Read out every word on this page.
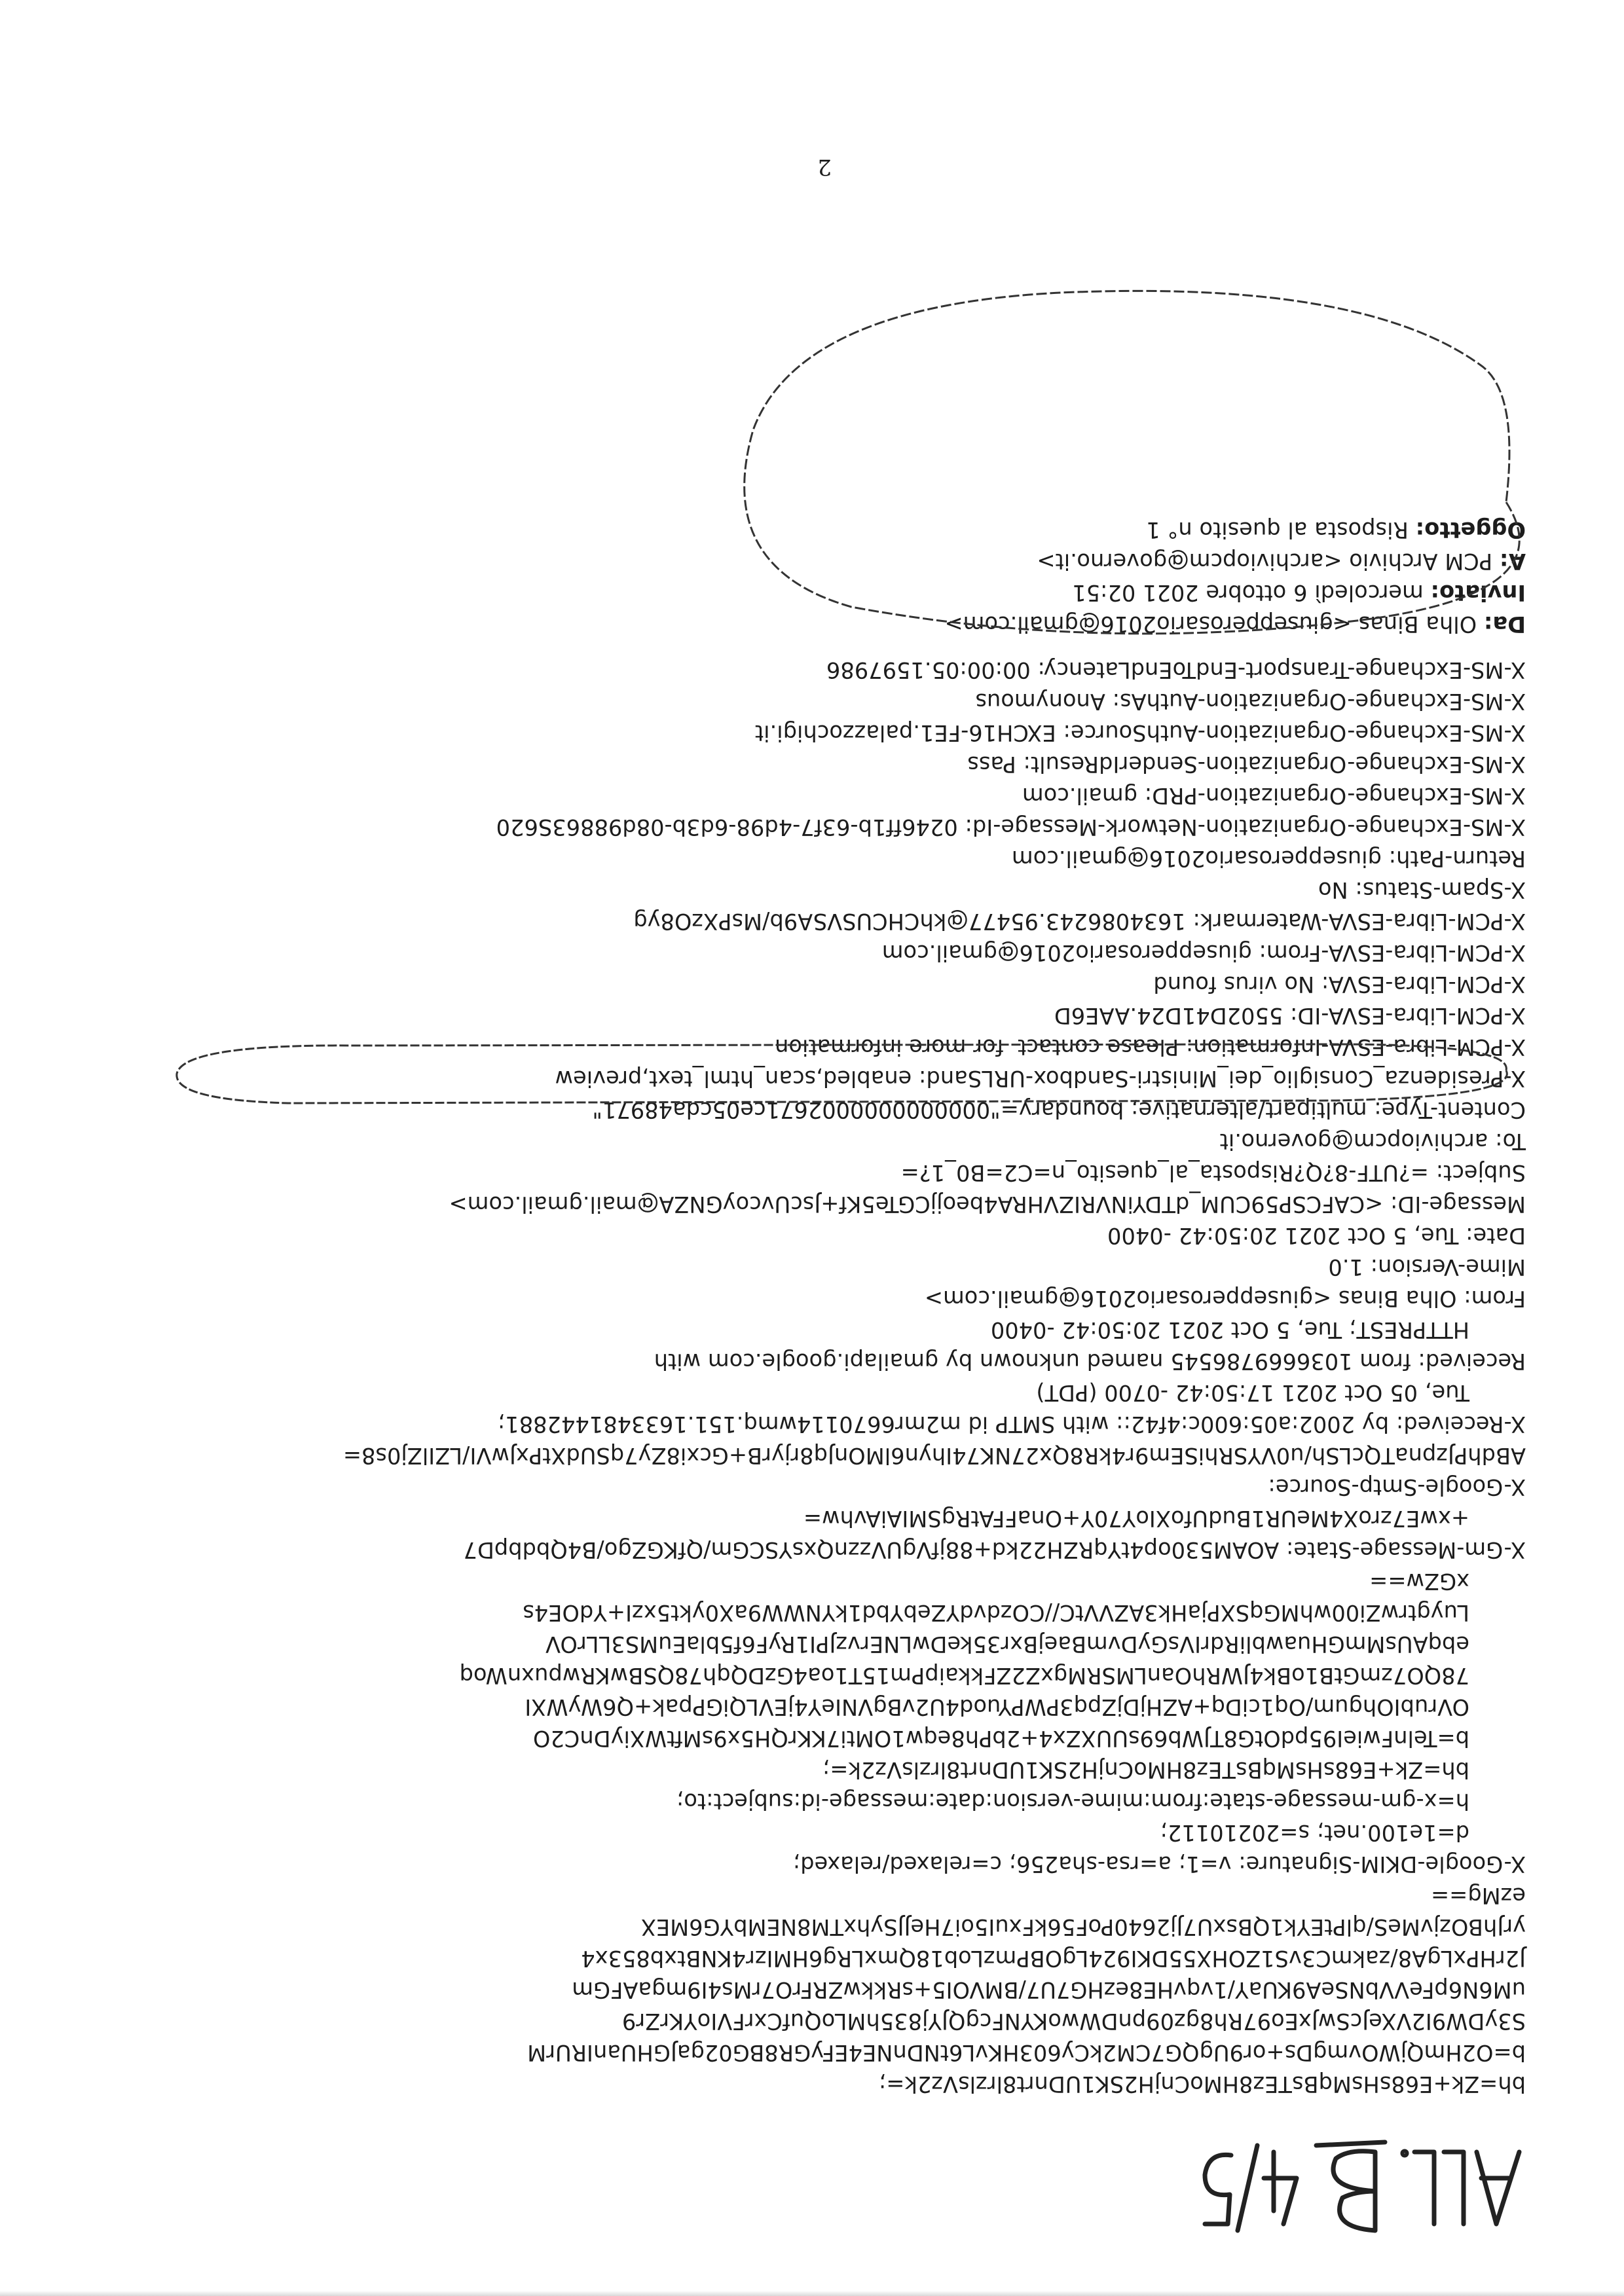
bh=Zk+E68sHsMqBsTEz8HMoCnjH2SK1UDnrt8lrzlsVz2k=;
b=O2HmQjWOvmgDs+or9UgQG7CM2kCy603HKvL6tNDnNE4EFyGR8BG02gaJGHUanIRUrM
S3yDW9I2VXeJcSwJxEo97Rh8gz09pnDWwoKYNFcgQJYj835hMLoQufCxrFVIoYKrZr9
uM6N6pFeVVbNSeA9KUaY/1vqvHE8ezHG7U7/BMVOI5+sRkkwZRFrO7rMs4I9mgaAFGm
J2rHPxLgA8/zakmC3vS1ZOHX55DKI924LgOBPmzLob18QmxLRg6HMIzr4KNBtxb853x4
yrJhBOzjvMeS/qlPtEYk1QBsxU7Jj2640PoF56kFxuI5oi7HeJJSyhxTM8NEMbYG6MEX
ezMg==
X-Google-DKIM-Signature: v=1; a=rsa-sha256; c=relaxed/relaxed;
d=1e100.net; s=20210112;
h=x-gm-message-state:from:mime-version:date:message-id:subject:to;
bh=Zk+E68sHsMqBsTEz8HMoCnjH2SK1UDnrt8lrzlsVz2k=;
b=TelnFwieI95pdOtG8TJWb69sUUXZx4+2bPh8eqw1OMti7KKrQH5x9sMftWXiyDnC2O
OVrubIOhgum/Oq1ciDq+AZHjDjZpq3PWPYuod4U2vBgVNIeY4jEVLQiGPpak+Q6WyWXI
78QO7zmGtB1oBk4JWRhOanLMSRMgxZ2ZFkkaipPm15T1oa4GzDQqh78QSBwKRwpuxnWoq
ebqAUsMmGHuawbliRdrIVsGyDvmBaejBxr35keDwLNErvzJPI1RyF6f5blaEuMS3LLrOV
LuygtrwZi00whMGqSXPjaHk3AZVVtC//COzdvdYZebYbd1kYNWW9aX0ykt5xzI+YdOE4s
xGZw==
X-Gm-Message-State: AOAM530op4tYqRZH22kd+88jfVgUVzznQxsYSCGm/QfKGZgo/B4QbdbpD7
+xwE7zroX4MeUR1BudUfoXIoY70Y+OnaFFAtRgSMIAiAvhw=
X-Google-Smtp-Source:
ABdhPJzpnaTQcLSh/u0VYSRhiSEm9r4kR8Qx27NK74Ihyn6lMOnJq8rjyrB+Gcxi8Zy7qSUdXtPxJwVI/LZIlZj0s8=
X-Received: by 2002:a05:600c:4f42:: with SMTP id m2mr6670114wmq.151.1633481442881;
Tue, 05 Oct 2021 17:50:42 -0700 (PDT)
Received: from 1036669786545 named unknown by gmailapi.google.com with
HTTPREST; Tue, 5 Oct 2021 20:50:42 -0400
From: Olha Binas <giusepperosario2016@gmail.com>
Mime-Version: 1.0
Date: Tue, 5 Oct 2021 20:50:42 -0400
Message-ID: <CAFCSP59CUM_dTDYiNVRIZVHRA4beojjCGTe5Kf+JscUvcoyGNZA@mail.gmail.com>
Subject: =?UTF-8?Q?Risposta_al_quesito_n=C2=B0_1?=
To: archiviopcm@governo.it
Content-Type: multipart/alternative; boundary="0000000000002671ce05cda48971"
X-Presidenza_Consiglio_dei_Ministri-Sandbox-URLSand: enabled,scan_html_text,preview
X-PCM-Libra-ESVA-Information: Please contact  for more information
X-PCM-Libra-ESVA-ID: 5502D41D24.AAE6D
X-PCM-Libra-ESVA: No virus found
X-PCM-Libra-ESVA-From: giusepperosario2016@gmail.com
X-PCM-Libra-ESVA-Watermark: 1634086243.95477@khCHCUSVSA9b/MsPXzO8yg
X-Spam-Status: No
Return-Path: giusepperosario2016@gmail.com
X-MS-Exchange-Organization-Network-Message-Id: 0246ff1b-63f7-4d98-6d3b-08d98863S620
X-MS-Exchange-Organization-PRD: gmail.com
X-MS-Exchange-Organization-SenderIdResult: Pass
X-MS-Exchange-Organization-AuthSource: EXCH16-FE1.palazzochigi.it
X-MS-Exchange-Organization-AuthAs: Anonymous
X-MS-Exchange-Transport-EndToEndLatency: 00:00:05.1597986
Da: Olha Binas <giusepperosario2016@gmail.com>
Inviato: mercoledì 6 ottobre 2021 02:51
A: PCM Archivio <archiviopcm@governo.it>
Oggetto: Risposta al quesito n° 1
2
